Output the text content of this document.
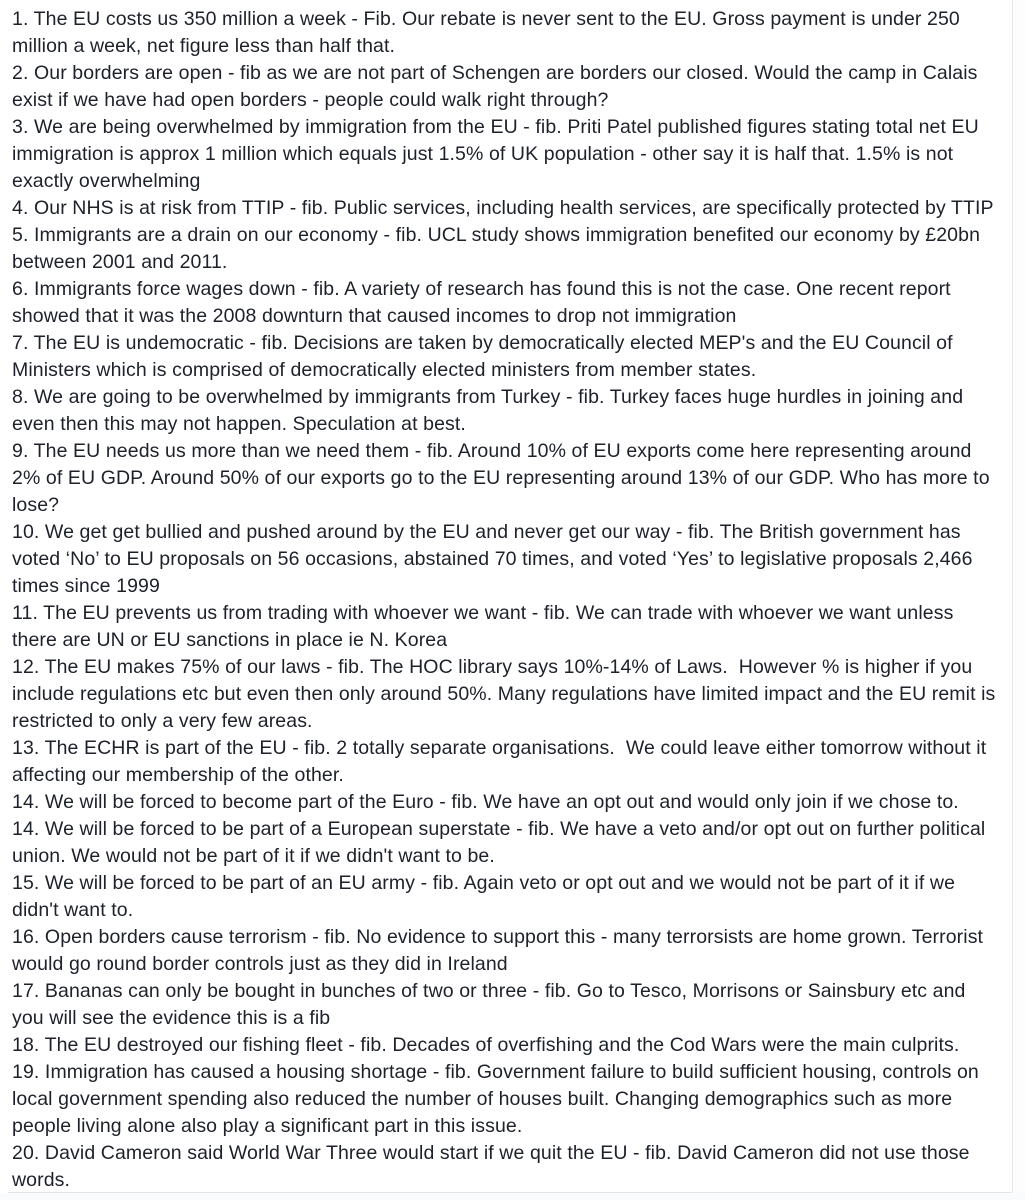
1. The EU costs us 350 million a week - Fib. Our rebate is never sent to the EU. Gross payment is under 250 million a week, net figure less than half that.

2. Our borders are open - fib as we are not part of Schengen are borders our closed. Would the camp in Calais exist if we have had open borders - people could walk right through?

3. We are being overwhelmed by immigration from the EU - fib. Priti Patel published figures stating total net EU immigration is approx 1 million which equals just 1.5% of UK population - other say it is half that. 1.5% is not exactly overwhelming

4. Our NHS is at risk from TTIP - fib. Public services, including health services, are specifically protected by TTIP

5. Immigrants are a drain on our economy - fib. UCL study shows immigration benefited our economy by £20bn between 2001 and 2011.

6. Immigrants force wages down - fib. A variety of research has found this is not the case. One recent report showed that it was the 2008 downturn that caused incomes to drop not immigration

7. The EU is undemocratic - fib. Decisions are taken by democratically elected MEP's and the EU Council of Ministers which is comprised of democratically elected ministers from member states.

8. We are going to be overwhelmed by immigrants from Turkey - fib. Turkey faces huge hurdles in joining and even then this may not happen. Speculation at best.

9. The EU needs us more than we need them - fib. Around 10% of EU exports come here representing around 2% of EU GDP. Around 50% of our exports go to the EU representing around 13% of our GDP. Who has more to lose?

10. We get get bullied and pushed around by the EU and never get our way - fib. The British government has voted ‘No’ to EU proposals on 56 occasions, abstained 70 times, and voted ‘Yes’ to legislative proposals 2,466 times since 1999

11. The EU prevents us from trading with whoever we want - fib. We can trade with whoever we want unless there are UN or EU sanctions in place ie N. Korea

12. The EU makes 75% of our laws - fib. The HOC library says 10%-14% of Laws.  However % is higher if you include regulations etc but even then only around 50%. Many regulations have limited impact and the EU remit is restricted to only a very few areas.

13. The ECHR is part of the EU - fib. 2 totally separate organisations.  We could leave either tomorrow without it affecting our membership of the other.

14. We will be forced to become part of the Euro - fib. We have an opt out and would only join if we chose to.

14. We will be forced to be part of a European superstate - fib. We have a veto and/or opt out on further political union. We would not be part of it if we didn't want to be.

15. We will be forced to be part of an EU army - fib. Again veto or opt out and we would not be part of it if we didn't want to.

16. Open borders cause terrorism - fib. No evidence to support this - many terrorsists are home grown. Terrorist would go round border controls just as they did in Ireland

17. Bananas can only be bought in bunches of two or three - fib. Go to Tesco, Morrisons or Sainsbury etc and you will see the evidence this is a fib

18. The EU destroyed our fishing fleet - fib. Decades of overfishing and the Cod Wars were the main culprits.

19. Immigration has caused a housing shortage - fib. Government failure to build sufficient housing, controls on local government spending also reduced the number of houses built. Changing demographics such as more people living alone also play a significant part in this issue.

20. David Cameron said World War Three would start if we quit the EU - fib. David Cameron did not use those words.
